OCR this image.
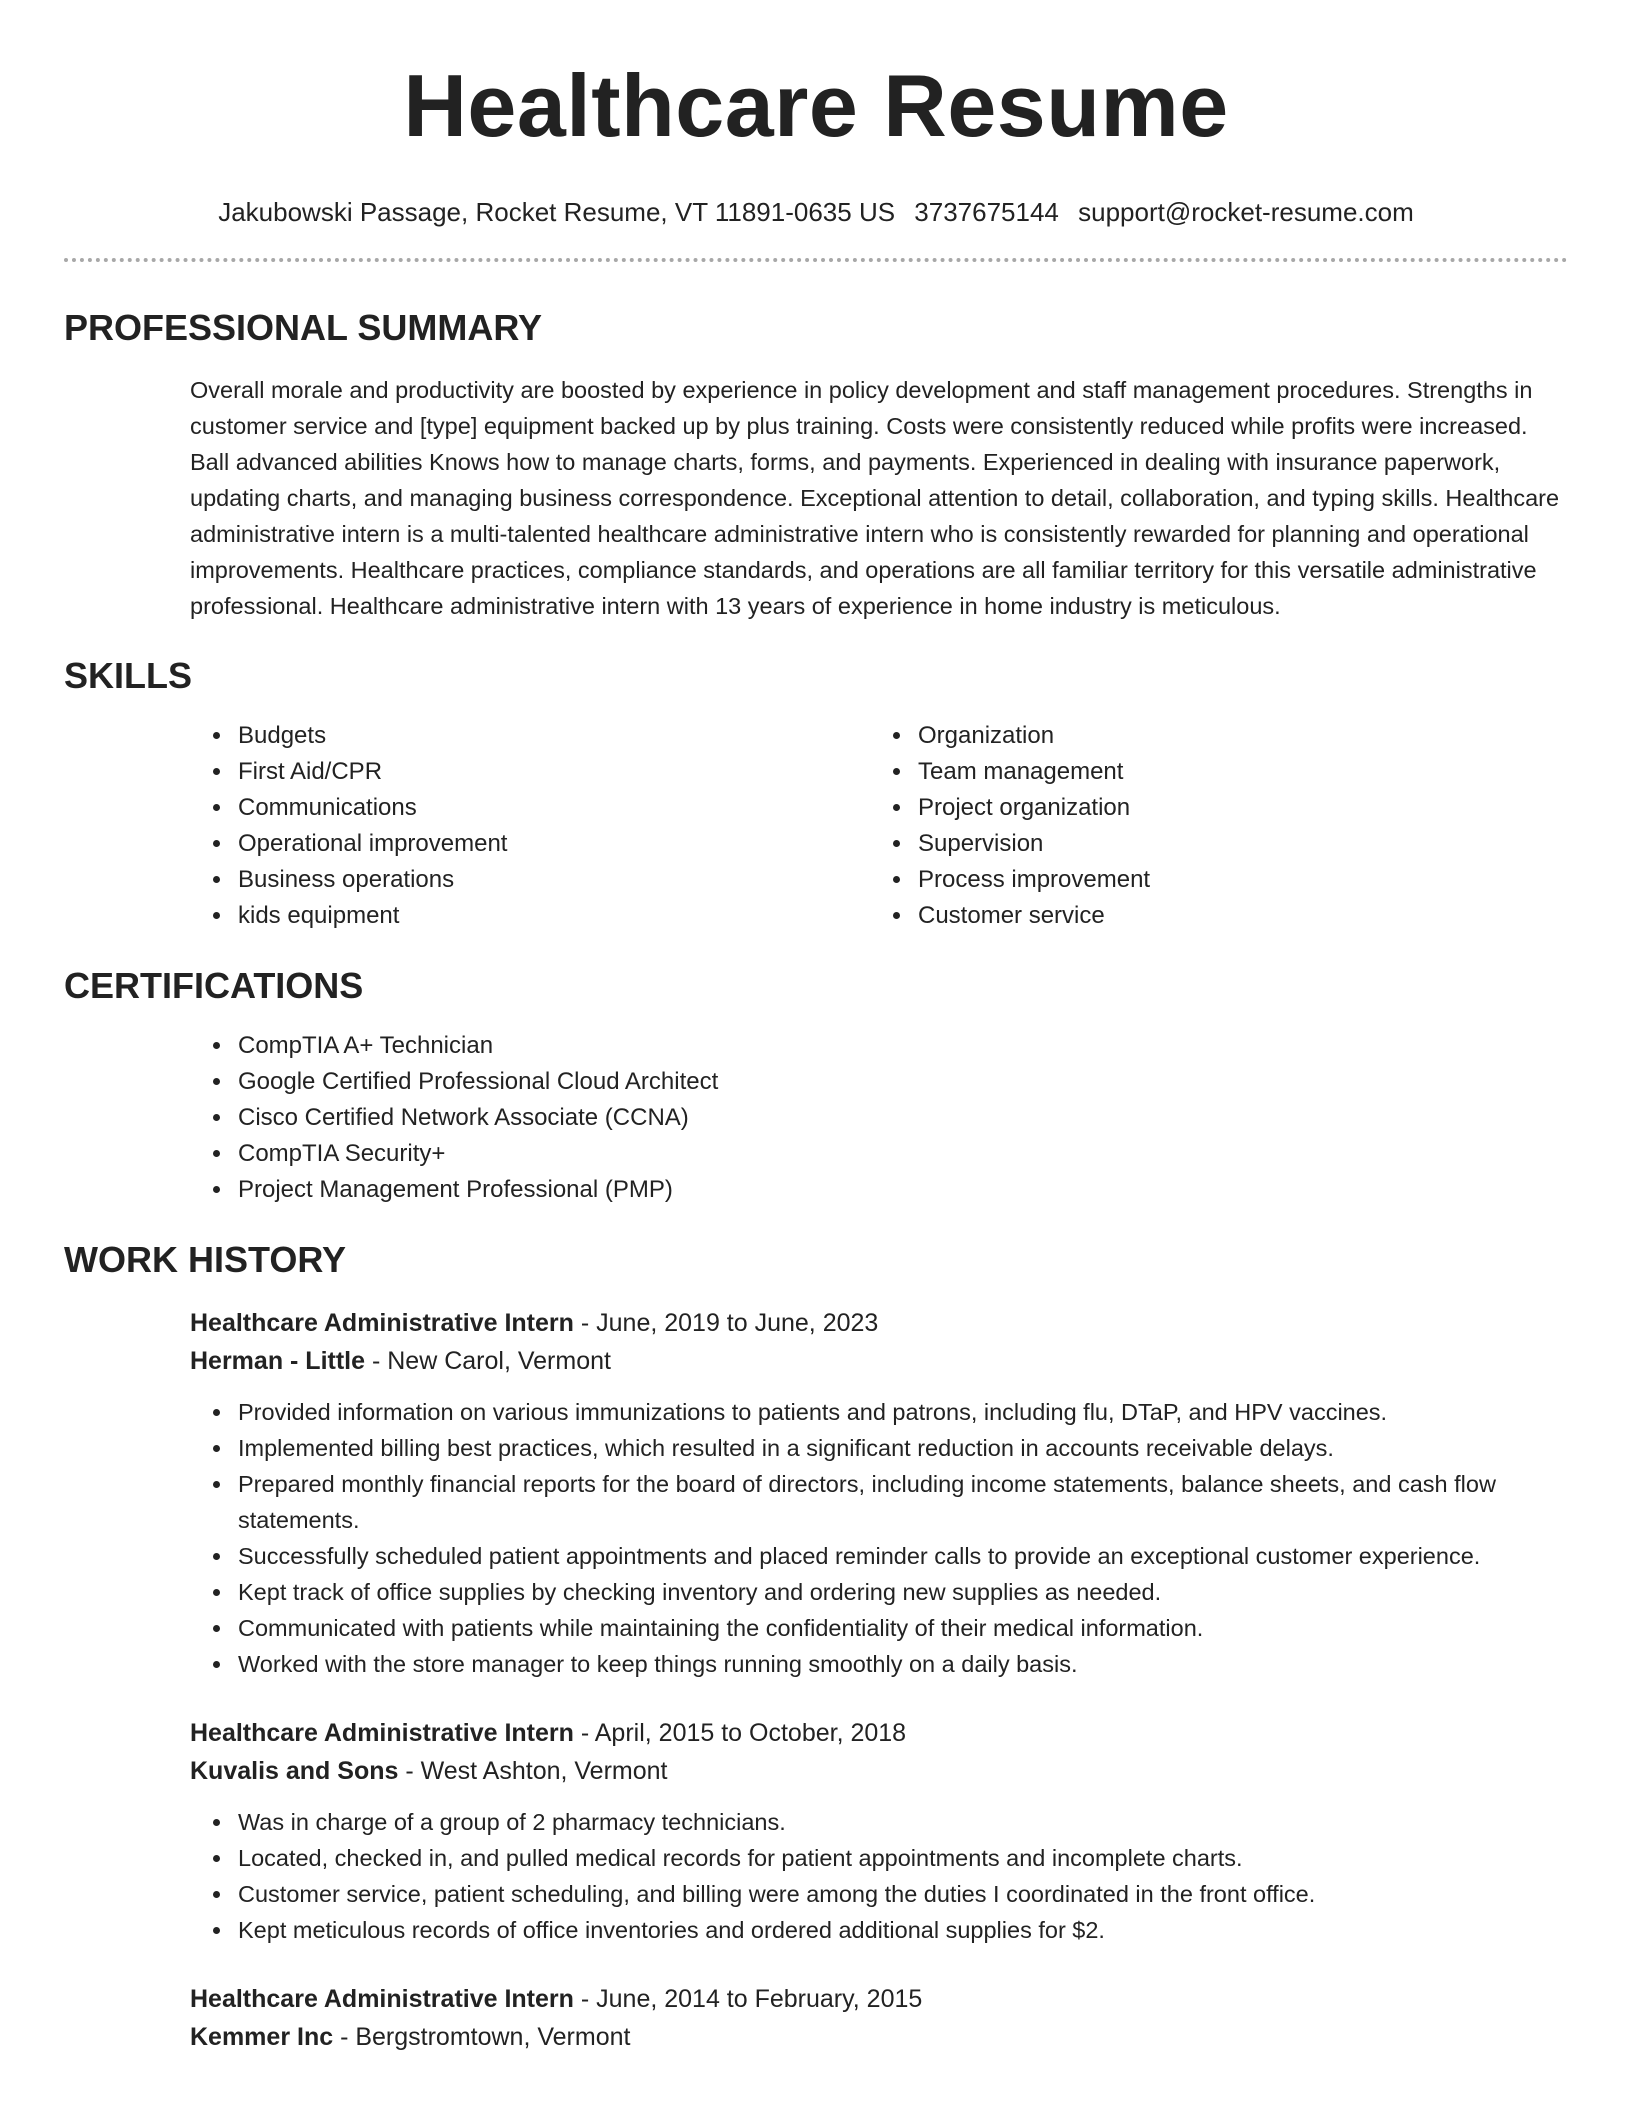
Healthcare Resume
Jakubowski Passage, Rocket Resume, VT 11891-0635 US 3737675144 support@rocket-resume.com
PROFESSIONAL SUMMARY

Overall morale and productivity are boosted by experience in policy development and staff management procedures. Strengths in customer service and [type] equipment backed up by plus training. Costs were consistently reduced while profits were increased. Ball advanced abilities Knows how to manage charts, forms, and payments. Experienced in dealing with insurance paperwork, updating charts, and managing business correspondence. Exceptional attention to detail, collaboration, and typing skills. Healthcare administrative intern is a multi-talented healthcare administrative intern who is consistently rewarded for planning and operational improvements. Healthcare practices, compliance standards, and operations are all familiar territory for this versatile administrative professional. Healthcare administrative intern with 13 years of experience in home industry is meticulous.

SKILLS
• Budgets
• First Aid/CPR
• Communications
• Operational improvement
• Business operations
• kids equipment
• Organization
• Team management
• Project organization
• Supervision
• Process improvement
• Customer service
CERTIFICATIONS
• CompTIA A+ Technician
• Google Certified Professional Cloud Architect
• Cisco Certified Network Associate (CCNA)
• CompTIA Security+
• Project Management Professional (PMP)
WORK HISTORY
Healthcare Administrative Intern - June, 2019 to June, 2023
Herman - Little - New Carol, Vermont
• Provided information on various immunizations to patients and patrons, including flu, DTaP, and HPV vaccines.
• Implemented billing best practices, which resulted in a significant reduction in accounts receivable delays.
• Prepared monthly financial reports for the board of directors, including income statements, balance sheets, and cash flow statements.
• Successfully scheduled patient appointments and placed reminder calls to provide an exceptional customer experience.
• Kept track of office supplies by checking inventory and ordering new supplies as needed.
• Communicated with patients while maintaining the confidentiality of their medical information.
• Worked with the store manager to keep things running smoothly on a daily basis.
Healthcare Administrative Intern - April, 2015 to October, 2018
Kuvalis and Sons - West Ashton, Vermont
• Was in charge of a group of 2 pharmacy technicians.
• Located, checked in, and pulled medical records for patient appointments and incomplete charts.
• Customer service, patient scheduling, and billing were among the duties I coordinated in the front office.
• Kept meticulous records of office inventories and ordered additional supplies for $2.
Healthcare Administrative Intern - June, 2014 to February, 2015
Kemmer Inc - Bergstromtown, Vermont
